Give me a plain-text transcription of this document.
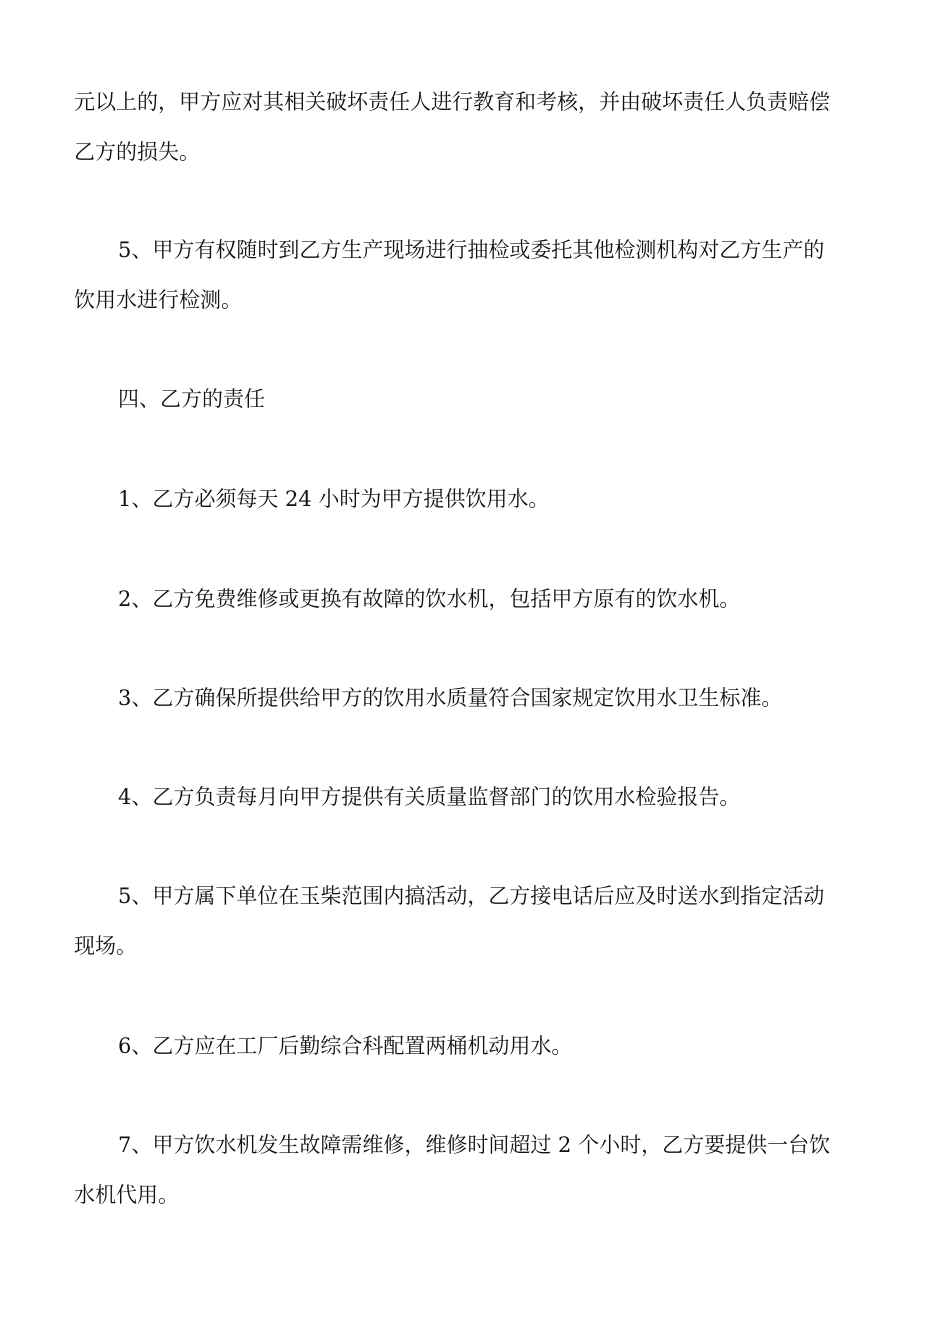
元以上的，甲方应对其相关破坏责任人进行教育和考核，并由破坏责任人负责赔偿
乙方的损失。

5、甲方有权随时到乙方生产现场进行抽检或委托其他检测机构对乙方生产的
饮用水进行检测。

四、乙方的责任

1、乙方必须每天 24 小时为甲方提供饮用水。

2、乙方免费维修或更换有故障的饮水机，包括甲方原有的饮水机。

3、乙方确保所提供给甲方的饮用水质量符合国家规定饮用水卫生标准。

4、乙方负责每月向甲方提供有关质量监督部门的饮用水检验报告。

5、甲方属下单位在玉柴范围内搞活动，乙方接电话后应及时送水到指定活动
现场。

6、乙方应在工厂后勤综合科配置两桶机动用水。

7、甲方饮水机发生故障需维修，维修时间超过 2 个小时，乙方要提供一台饮
水机代用。
